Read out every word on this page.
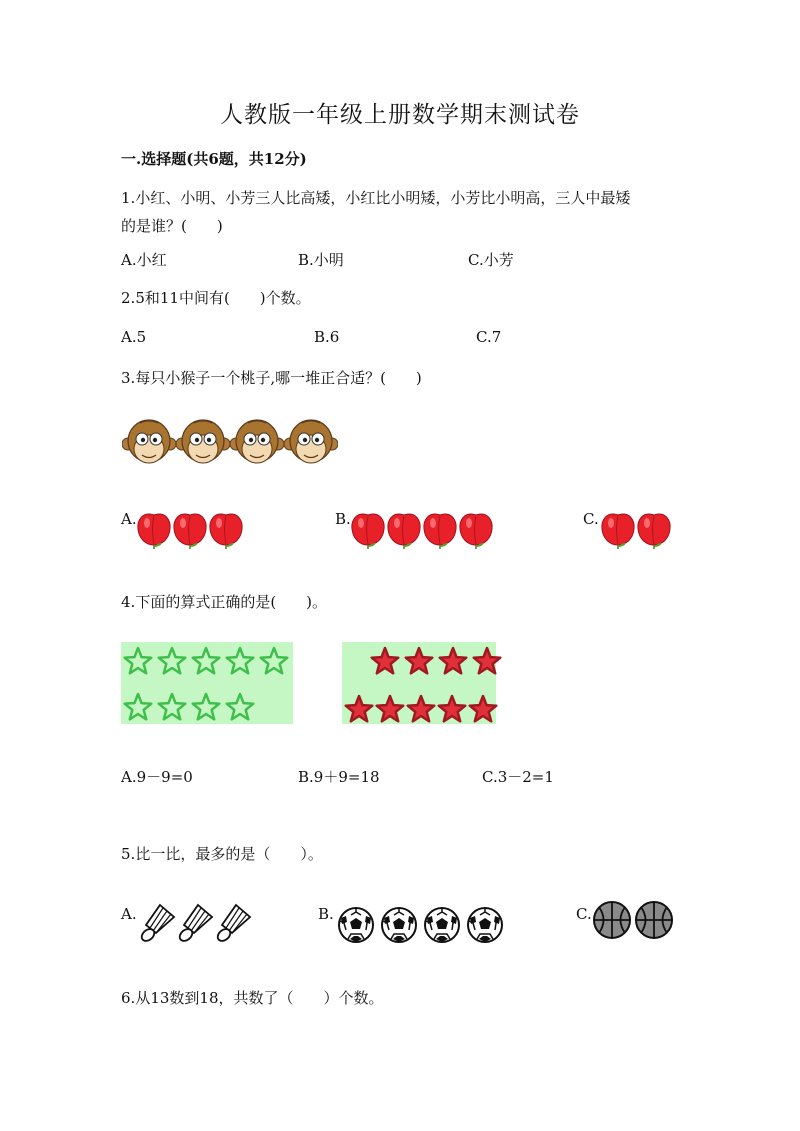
人教版一年级上册数学期末测试卷
一.选择题(共6题，共12分)
1.小红、小明、小芳三人比高矮，小红比小明矮，小芳比小明高，三人中最矮
的是谁？(　　)
A.小红	B.小明	C.小芳
2.5和11中间有(　　)个数。
A.5	B.6	C.7
3.每只小猴子一个桃子,哪一堆正合适？(　　)
A.	B.	C.
4.下面的算式正确的是(　　)。
A.9－9=0	B.9＋9=18	C.3－2=1
5.比一比，最多的是（　　）。
A.	B.	C.
6.从13数到18，共数了（　　）个数。
